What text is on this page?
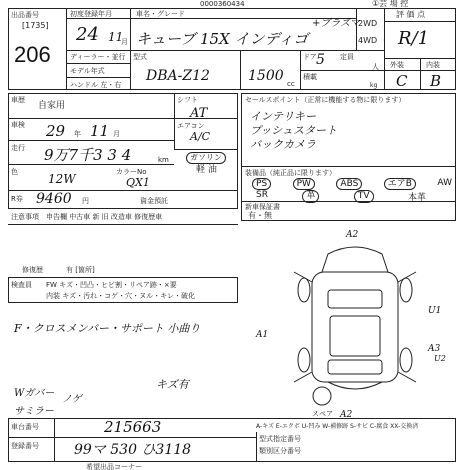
0000360434	①芸 場 控
出品番号
[1735]
206
初度登録年月
24 11
月
車名・グレード
キューブ 15X インディゴ
+プラズマ
2WD
4WD
評 価 点
R/1
ディーラー・並行
モデル年式
ハンドル 左・右
型式
DBA-Z12	1500 cc
ドア 5 定員
人
積載
kg
外装	内装
C B
車歴
自家用
シフト
AT
車検 29 年 11 月
エアコン
A/C
走行 9万7千3 3 4	km	ガソリン
軽 油
色	12W	カラーNo
QX1
R券 9460 円	資金預託
注意事項 申告欄 中古車 新 旧 改造車 修復歴車
修復歴	有 [箇所]
検査員 FW キズ・凹凸・ヒビ割・リペア跡・×要
内装 キズ・汚れ・コゲ・穴・ヌル・キレ・破化
セールスポイント（正常に機能する物に限ります）
インテリキー
プッシュスタート
バックカメラ
装備品（純正品に限ります）
PS	PW	ABS	エアB	AW
SR	革	TV	本革
新車保証書
有・無
A2
A1
U1
A3
U2
A2
スペア
F・クロスメンバー・サポート 小曲り
Wガバー
サミラー
ノゲ
キズ有
車台番号	215663
登録番号	99マ 530 ひ3118
A-キズ E-エクボ U-凹み W-補修跡 S-サビ C-腐食 XX-交換済
型式指定番号
類別区分番号
希望出品コーナー
